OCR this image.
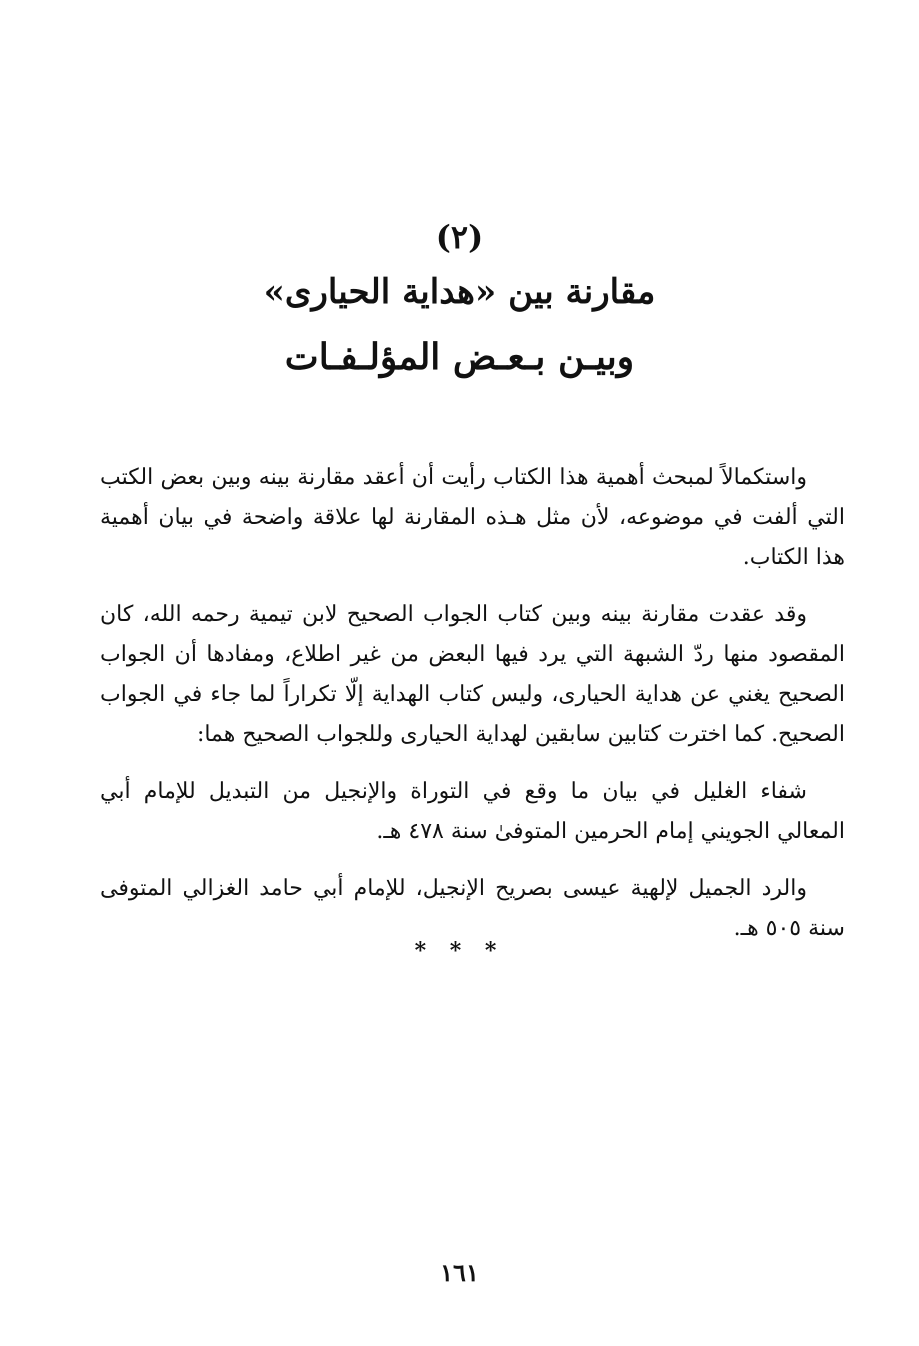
(٢)
مقارنة بين «هداية الحيارى»
وبيـن بـعـض المؤلـفـات

واستكمالاً لمبحث أهمية هذا الكتاب رأيت أن أعقد مقارنة بينه وبين بعض الكتب التي ألفت في موضوعه، لأن مثل هـذه المقارنة لها علاقة واضحة في بيان أهمية هذا الكتاب.

وقد عقدت مقارنة بينه وبين كتاب الجواب الصحيح لابن تيمية رحمه الله، كان المقصود منها ردّ الشبهة التي يرد فيها البعض من غير اطلاع، ومفادها أن الجواب الصحيح يغني عن هداية الحيارى، وليس كتاب الهداية إلّا تكراراً لما جاء في الجواب الصحيح. كما اخترت كتابين سابقين لهداية الحيارى وللجواب الصحيح هما:

شفاء الغليل في بيان ما وقع في التوراة والإنجيل من التبديل للإمام أبي المعالي الجويني إمام الحرمين المتوفىٰ سنة ٤٧٨ هـ.

والرد الجميل لإلهية عيسى بصريح الإنجيل، للإمام أبي حامد الغزالي المتوفى سنة ٥٠٥ هـ.

* * *
١٦١
